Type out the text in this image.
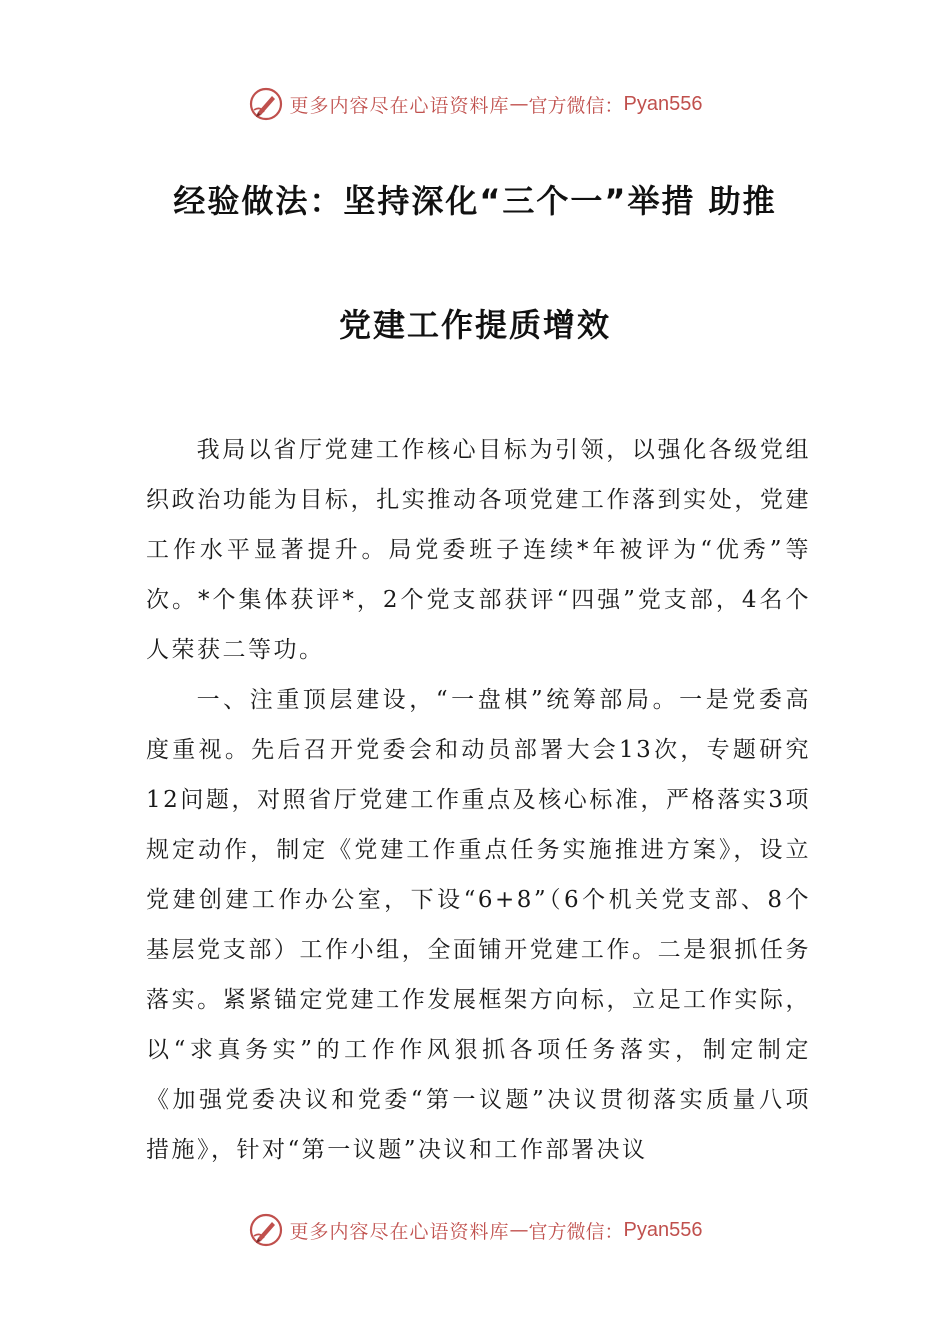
更多内容尽在心语资料库 — 官方微信： Pyan556
经验做法：坚持深化“三个一”举措 助推
党建工作提质增效

我局以省厅党建工作核心目标为引领，以强化各级党组织政治功能为目标，扎实推动各项党建工作落到实处，党建工作水平显著提升。局党委班子连续*年被评为“优秀”等次。*个集体获评*，2个党支部获评“四强”党支部，4名个人荣获二等功。

一、注重顶层建设，“一盘棋”统筹部局。一是党委高度重视。先后召开党委会和动员部署大会13次，专题研究12问题，对照省厅党建工作重点及核心标准，严格落实3项规定动作，制定《党建工作重点任务实施推进方案》，设立党建创建工作办公室，下设“6+8”（6个机关党支部、8个基层党支部）工作小组，全面铺开党建工作。二是狠抓任务落实。紧紧锚定党建工作发展框架方向标，立足工作实际，以“求真务实”的工作作风狠抓各项任务落实，制定制定《加强党委决议和党委“第一议题”决议贯彻落实质量八项措施》，针对“第一议题”决议和工作部署决议

更多内容尽在心语资料库 — 官方微信： Pyan556
